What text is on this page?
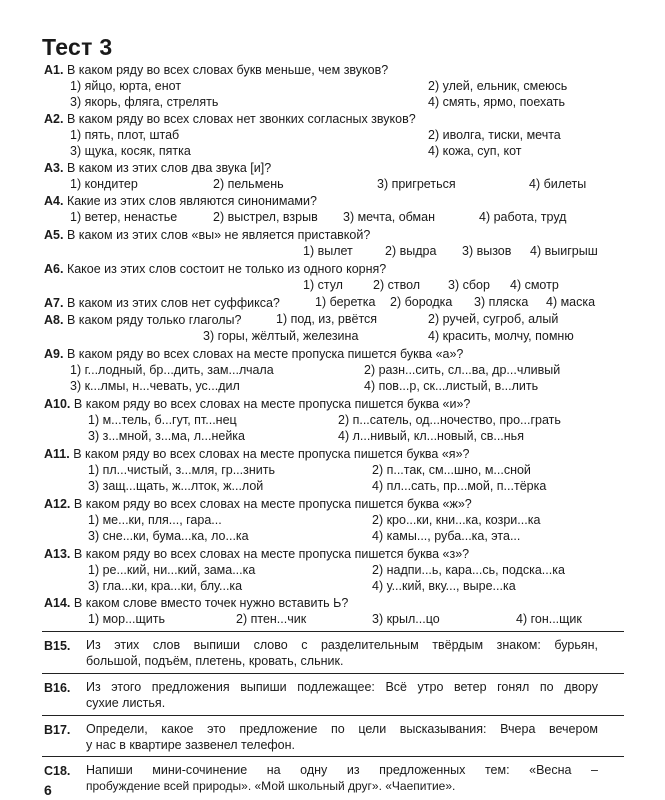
Тест 3
А1. В каком ряду во всех словах букв меньше, чем звуков?
1) яйцо, юрта, енот	2) улей, ельник, смеюсь
3) якорь, фляга, стрелять	4) смять, ярмо, поехать
А2. В каком ряду во всех словах нет звонких согласных звуков?
1) пять, плот, штаб	2) иволга, тиски, мечта
3) щука, косяк, пятка	4) кожа, суп, кот
А3. В каком из этих слов два звука [и]?
1) кондитер	2) пельмень	3) пригреться	4) билеты
А4. Какие из этих слов являются синонимами?
1) ветер, ненастье	2) выстрел, взрыв 3) мечта, обман	4) работа, труд
А5. В каком из этих слов «вы» не является приставкой?
1) вылет	2) выдра 3) вызов 4) выигрыш
А6. Какое из этих слов состоит не только из одного корня?
1) стул 2) ствол 3) сбор 4) смотр
А7. В каком из этих слов нет суффикса?	1) беретка 2) бородка 3) пляска 4) маска
А8. В каком ряду только глаголы?	1) под, из, рвётся	2) ручей, сугроб, алый
3) горы, жёлтый, железина	4) красить, молчу, помню
А9. В каком ряду во всех словах на месте пропуска пишется буква «а»?
1) г...лодный, бр...дить, зам...лчала	2) разн...сить, сл...ва, др...чливый
3) к...лмы, н...чевать, ус...дил	4) пов...р, ск...листый, в...лить
А10. В каком ряду во всех словах на месте пропуска пишется буква «и»?
1) м...тель, б...гут, пт...нец	2) п...сатель, од...ночество, про...грать
3) з...мной, з...ма, л...нейка	4) л...нивый, кл...новый, св...нья
А11. В каком ряду во всех словах на месте пропуска пишется буква «я»?
1) пл...чистый, з...мля, гр...знить	2) п...так, см...шно, м...сной
3) защ...щать, ж...лток, ж...лой	4) пл...сать, пр...мой, п...тёрка
А12. В каком ряду во всех словах на месте пропуска пишется буква «ж»?
1) ме...ки, пля..., гара...	2) кро...ки, кни...ка, козри...ка
3) сне...ки, бума...ка, ло...ка	4) камы..., руба...ка, эта...
А13. В каком ряду во всех словах на месте пропуска пишется буква «з»?
1) ре...кий, ни...кий, зама...ка	2) надпи...ь, кара...сь, подска...ка
3) гла...ки, кра...ки, блу...ка	4) у...кий, вку..., выре...ка
А14. В каком слове вместо точек нужно вставить Ь?
1) мор...щить	2) птен...чик	3) крыл...цо	4) гон...щик
В15. Из этих слов выпиши слово с разделительным твёрдым знаком: бурьян,
большой, подъём, плетень, кровать, сльник.
В16. Из этого предложения выпиши подлежащее: Всё утро ветер гонял по двору
сухие листья.
В17. Определи, какое это предложение по цели высказывания: Вчера вечером
у нас в квартире зазвенел телефон.
С18. Напиши мини-сочинение на одну из предложенных тем: «Весна –
пробуждение всей природы». «Мой школьный друг». «Чаепитие».
6
